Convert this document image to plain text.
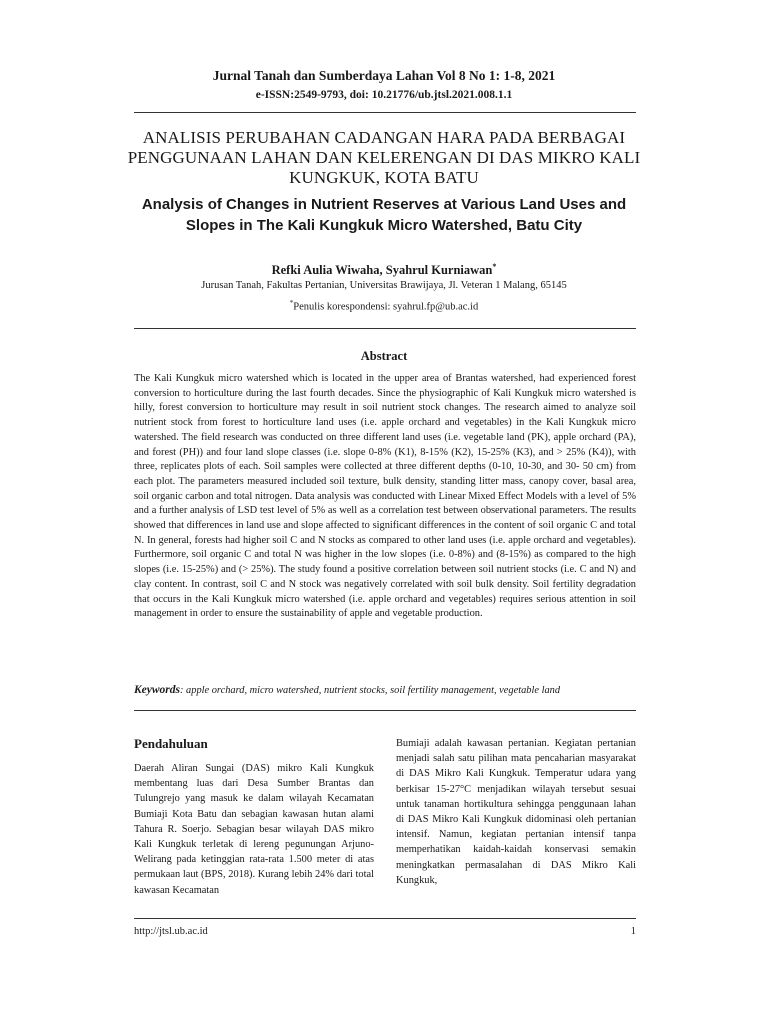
Jurnal Tanah dan Sumberdaya Lahan Vol 8 No 1: 1-8, 2021
e-ISSN:2549-9793, doi: 10.21776/ub.jtsl.2021.008.1.1
ANALISIS PERUBAHAN CADANGAN HARA PADA BERBAGAI PENGGUNAAN LAHAN DAN KELERENGAN DI DAS MIKRO KALI KUNGKUK, KOTA BATU
Analysis of Changes in Nutrient Reserves at Various Land Uses and Slopes in The Kali Kungkuk Micro Watershed, Batu City
Refki Aulia Wiwaha, Syahrul Kurniawan*
Jurusan Tanah, Fakultas Pertanian, Universitas Brawijaya, Jl. Veteran 1 Malang, 65145
*Penulis korespondensi: syahrul.fp@ub.ac.id
Abstract

The Kali Kungkuk micro watershed which is located in the upper area of Brantas watershed, had experienced forest conversion to horticulture during the last fourth decades. Since the physiographic of Kali Kungkuk micro watershed is hilly, forest conversion to horticulture may result in soil nutrient stock changes. The research aimed to analyze soil nutrient stock from forest to horticulture land uses (i.e. apple orchard and vegetables) in the Kali Kungkuk micro watershed. The field research was conducted on three different land uses (i.e. vegetable land (PK), apple orchard (PA), and forest (PH)) and four land slope classes (i.e. slope 0-8% (K1), 8-15% (K2), 15-25% (K3), and > 25% (K4)), with three, replicates plots of each. Soil samples were collected at three different depths (0-10, 10-30, and 30- 50 cm) from each plot. The parameters measured included soil texture, bulk density, standing litter mass, canopy cover, basal area, soil organic carbon and total nitrogen. Data analysis was conducted with Linear Mixed Effect Models with a level of 5% and a further analysis of LSD test level of 5% as well as a correlation test between observational parameters. The results showed that differences in land use and slope affected to significant differences in the content of soil organic C and total N. In general, forests had higher soil C and N stocks as compared to other land uses (i.e. apple orchard and vegetables). Furthermore, soil organic C and total N was higher in the low slopes (i.e. 0-8%) and (8-15%) as compared to the high slopes (i.e. 15-25%) and (> 25%). The study found a positive correlation between soil nutrient stocks (i.e. C and N) and clay content. In contrast, soil C and N stock was negatively correlated with soil bulk density. Soil fertility degradation that occurs in the Kali Kungkuk micro watershed (i.e. apple orchard and vegetables) requires serious attention in soil management in order to ensure the sustainability of apple and vegetable production.

Keywords: apple orchard, micro watershed, nutrient stocks, soil fertility management, vegetable land
Pendahuluan

Daerah Aliran Sungai (DAS) mikro Kali Kungkuk membentang luas dari Desa Sumber Brantas dan Tulungrejo yang masuk ke dalam wilayah Kecamatan Bumiaji Kota Batu dan sebagian kawasan hutan alami Tahura R. Soerjo. Sebagian besar wilayah DAS mikro Kali Kungkuk terletak di lereng pegunungan Arjuno-Welirang pada ketinggian rata-rata 1.500 meter di atas permukaan laut (BPS, 2018). Kurang lebih 24% dari total kawasan Kecamatan

Bumiaji adalah kawasan pertanian. Kegiatan pertanian menjadi salah satu pilihan mata pencaharian masyarakat di DAS Mikro Kali Kungkuk. Temperatur udara yang berkisar 15-27°C menjadikan wilayah tersebut sesuai untuk tanaman hortikultura sehingga penggunaan lahan di DAS Mikro Kali Kungkuk didominasi oleh pertanian intensif. Namun, kegiatan pertanian intensif tanpa memperhatikan kaidah-kaidah konservasi semakin meningkatkan permasalahan di DAS Mikro Kali Kungkuk,

http://jtsl.ub.ac.id	1
